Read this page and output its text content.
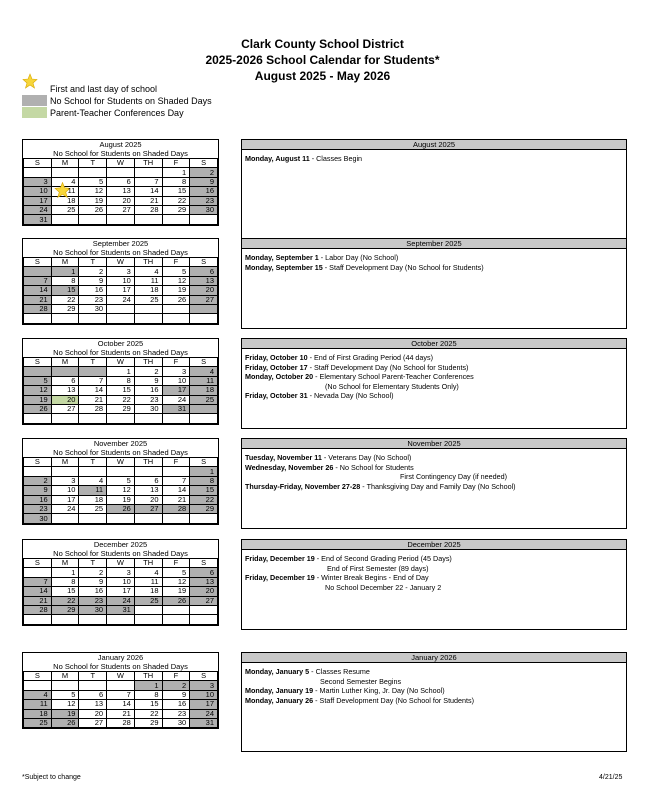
Clark County School District
2025-2026 School Calendar for Students*
August 2025 - May 2026
First and last day of school
No School for Students on Shaded Days
Parent-Teacher Conferences Day
August 2025
No School for Students on Shaded Days
S	M	T	W	TH	F	S
					1	2
3	4	5	6	7	8	9
10	11	12	13	14	15	16
17	18	19	20	21	22	23
24	25	26	27	28	29	30
31						
August 2025
Monday, August 11 - Classes Begin
September 2025
No School for Students on Shaded Days
S	M	T	W	TH	F	S
	1	2	3	4	5	6
7	8	9	10	11	12	13
14	15	16	17	18	19	20
21	22	23	24	25	26	27
28	29	30				

September 2025
Monday, September 1 - Labor Day (No School)
Monday, September 15 - Staff Development Day (No School for Students)
October 2025
No School for Students on Shaded Days
S	M	T	W	TH	F	S
			1	2	3	4
5	6	7	8	9	10	11
12	13	14	15	16	17	18
19	20	21	22	23	24	25
26	27	28	29	30	31	

October 2025
Friday, October 10 - End of First Grading Period (44 days)
Friday, October 17 - Staff Development Day (No School for Students)
Monday, October 20 - Elementary School Parent-Teacher Conferences
(No School for Elementary Students Only)
Friday, October 31 - Nevada Day (No School)
November 2025
No School for Students on Shaded Days
S	M	T	W	TH	F	S
						1
2	3	4	5	6	7	8
9	10	11	12	13	14	15
16	17	18	19	20	21	22
23	24	25	26	27	28	29
30						
November 2025
Tuesday, November 11 - Veterans Day (No School)
Wednesday, November 26 - No School for Students
First Contingency Day (if needed)
Thursday-Friday, November 27-28 - Thanksgiving Day and Family Day (No School)
December 2025
No School for Students on Shaded Days
S	M	T	W	TH	F	S
	1	2	3	4	5	6
7	8	9	10	11	12	13
14	15	16	17	18	19	20
21	22	23	24	25	26	27
28	29	30	31			

December 2025
Friday, December 19 - End of Second Grading Period (45 Days)
End of First Semester (89 days)
Friday, December 19 - Winter Break Begins - End of Day
No School December 22 - January 2
January 2026
No School for Students on Shaded Days
S	M	T	W	TH	F	S
				1	2	3
4	5	6	7	8	9	10
11	12	13	14	15	16	17
18	19	20	21	22	23	24
25	26	27	28	29	30	31
January 2026
Monday, January 5 - Classes Resume
Second Semester Begins
Monday, January 19 - Martin Luther King, Jr. Day (No School)
Monday, January 26 - Staff Development Day (No School for Students)
*Subject to change	4/21/25
